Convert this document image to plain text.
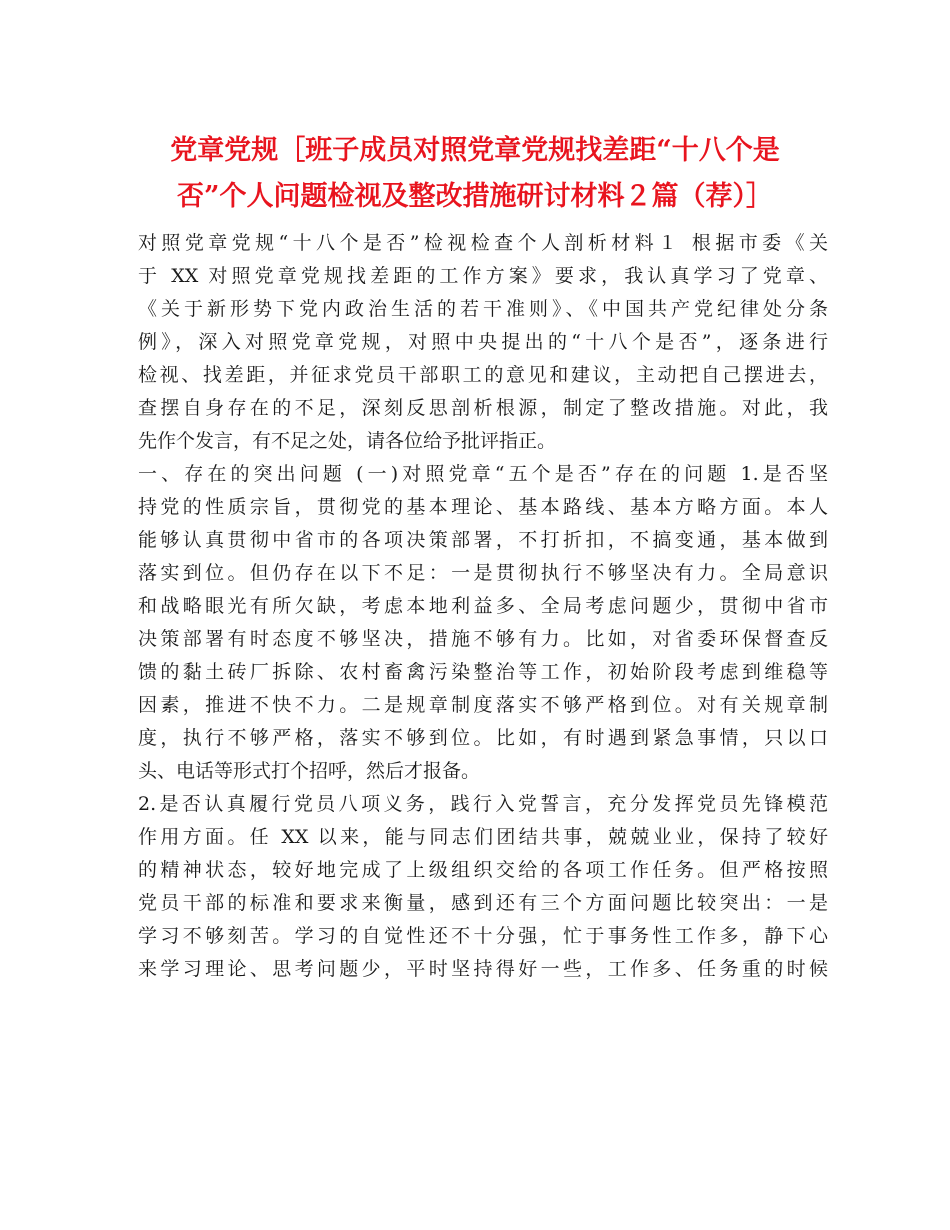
党章党规［班子成员对照党章党规找差距“十八个是
否”个人问题检视及整改措施研讨材料２篇（荐）］
对照党章党规“十八个是否”检视检查个人剖析材料１ 根据市委《关
于 XX 对照党章党规找差距的工作方案》要求，我认真学习了党章、
《关于新形势下党内政治生活的若干准则》、《中国共产党纪律处分条
例》，深入对照党章党规，对照中央提出的“十八个是否”，逐条进行
检视、找差距，并征求党员干部职工的意见和建议，主动把自己摆进去，
查摆自身存在的不足，深刻反思剖析根源，制定了整改措施。对此，我
先作个发言，有不足之处，请各位给予批评指正。
一、存在的突出问题 (一)对照党章“五个是否”存在的问题 1.是否坚
持党的性质宗旨，贯彻党的基本理论、基本路线、基本方略方面。本人
能够认真贯彻中省市的各项决策部署，不打折扣，不搞变通，基本做到
落实到位。但仍存在以下不足：一是贯彻执行不够坚决有力。全局意识
和战略眼光有所欠缺，考虑本地利益多、全局考虑问题少，贯彻中省市
决策部署有时态度不够坚决，措施不够有力。比如，对省委环保督查反
馈的黏土砖厂拆除、农村畜禽污染整治等工作，初始阶段考虑到维稳等
因素，推进不快不力。二是规章制度落实不够严格到位。对有关规章制
度，执行不够严格，落实不够到位。比如，有时遇到紧急事情，只以口
头、电话等形式打个招呼，然后才报备。
2.是否认真履行党员八项义务，践行入党誓言，充分发挥党员先锋模范
作用方面。任 XX 以来，能与同志们团结共事，兢兢业业，保持了较好
的精神状态，较好地完成了上级组织交给的各项工作任务。但严格按照
党员干部的标准和要求来衡量，感到还有三个方面问题比较突出：一是
学习不够刻苦。学习的自觉性还不十分强，忙于事务性工作多，静下心
来学习理论、思考问题少，平时坚持得好一些，工作多、任务重的时候
